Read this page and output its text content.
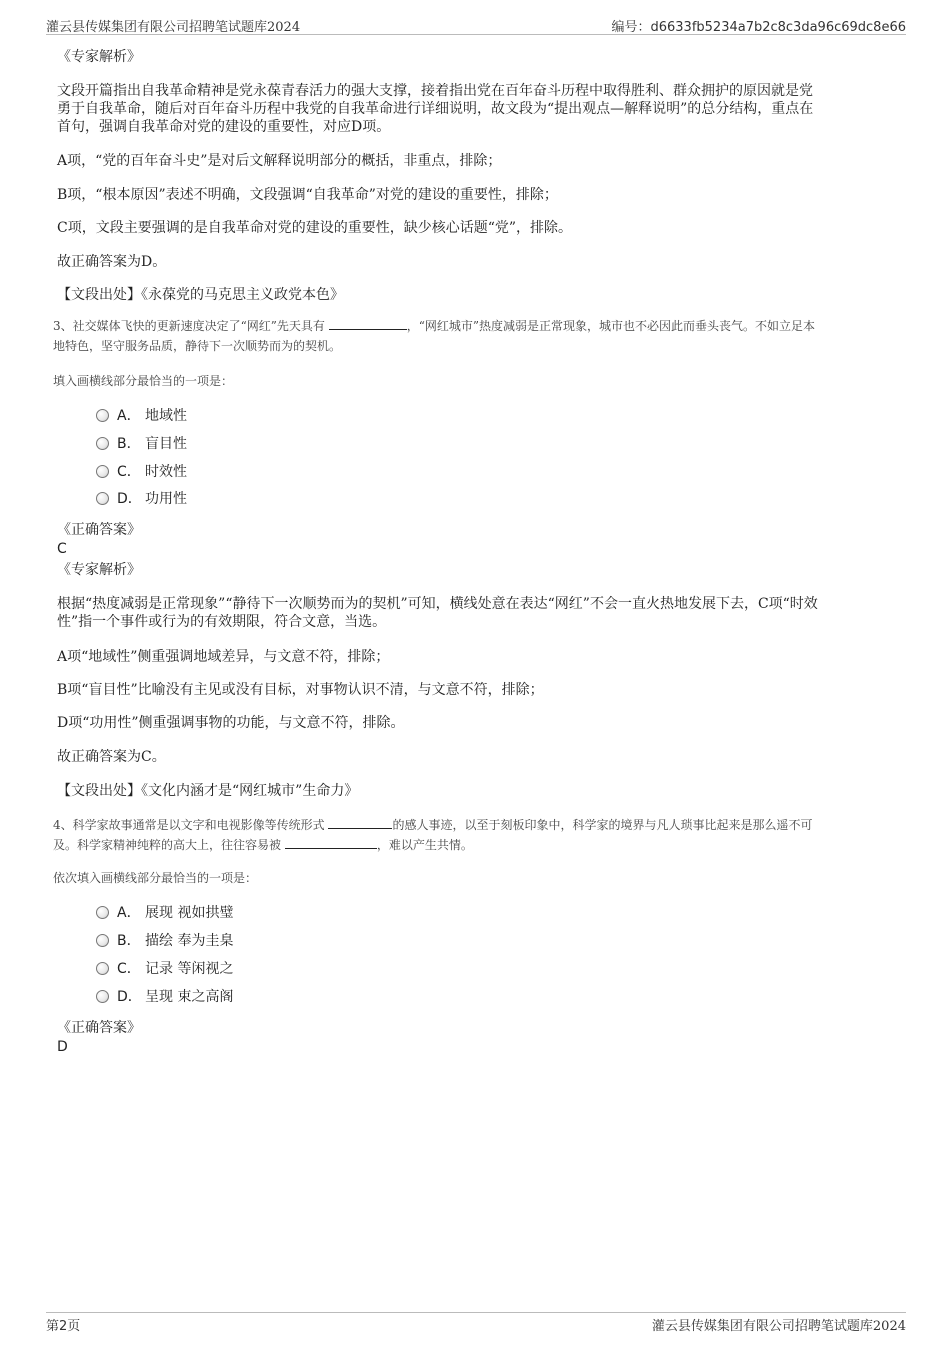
灌云县传媒集团有限公司招聘笔试题库2024	编号：d6633fb5234a7b2c8c3da96c69dc8e66
《专家解析》
文段开篇指出自我革命精神是党永葆青春活力的强大支撑，接着指出党在百年奋斗历程中取得胜利、群众拥护的原因就是党
勇于自我革命，随后对百年奋斗历程中我党的自我革命进行详细说明，故文段为“提出观点—解释说明”的总分结构，重点在
首句，强调自我革命对党的建设的重要性，对应D项。
A项，“党的百年奋斗史”是对后文解释说明部分的概括，非重点，排除；
B项，“根本原因”表述不明确，文段强调“自我革命”对党的建设的重要性，排除；
C项，文段主要强调的是自我革命对党的建设的重要性，缺少核心话题“党”，排除。
故正确答案为D。
【文段出处】《永葆党的马克思主义政党本色》
3、社交媒体飞快的更新速度决定了“网红”先天具有	，“网红城市”热度减弱是正常现象，城市也不必因此而垂头丧气。不如立足本
地特色，坚守服务品质，静待下一次顺势而为的契机。
填入画横线部分最恰当的一项是：
A． 地域性
B． 盲目性
C． 时效性
D． 功用性
《正确答案》
C
《专家解析》
根据“热度减弱是正常现象”“静待下一次顺势而为的契机”可知，横线处意在表达“网红”不会一直火热地发展下去，C项“时效
性”指一个事件或行为的有效期限，符合文意，当选。
A项“地域性”侧重强调地域差异，与文意不符，排除；
B项“盲目性”比喻没有主见或没有目标，对事物认识不清，与文意不符，排除；
D项“功用性”侧重强调事物的功能，与文意不符，排除。
故正确答案为C。
【文段出处】《文化内涵才是“网红城市”生命力》
4、科学家故事通常是以文字和电视影像等传统形式	的感人事迹，以至于刻板印象中，科学家的境界与凡人琐事比起来是那么遥不可
及。科学家精神纯粹的高大上，往往容易被	，难以产生共情。
依次填入画横线部分最恰当的一项是：
A． 展现 视如拱璧
B． 描绘 奉为圭臬
C． 记录 等闲视之
D． 呈现 束之高阁
《正确答案》
D
第2页	灌云县传媒集团有限公司招聘笔试题库2024
